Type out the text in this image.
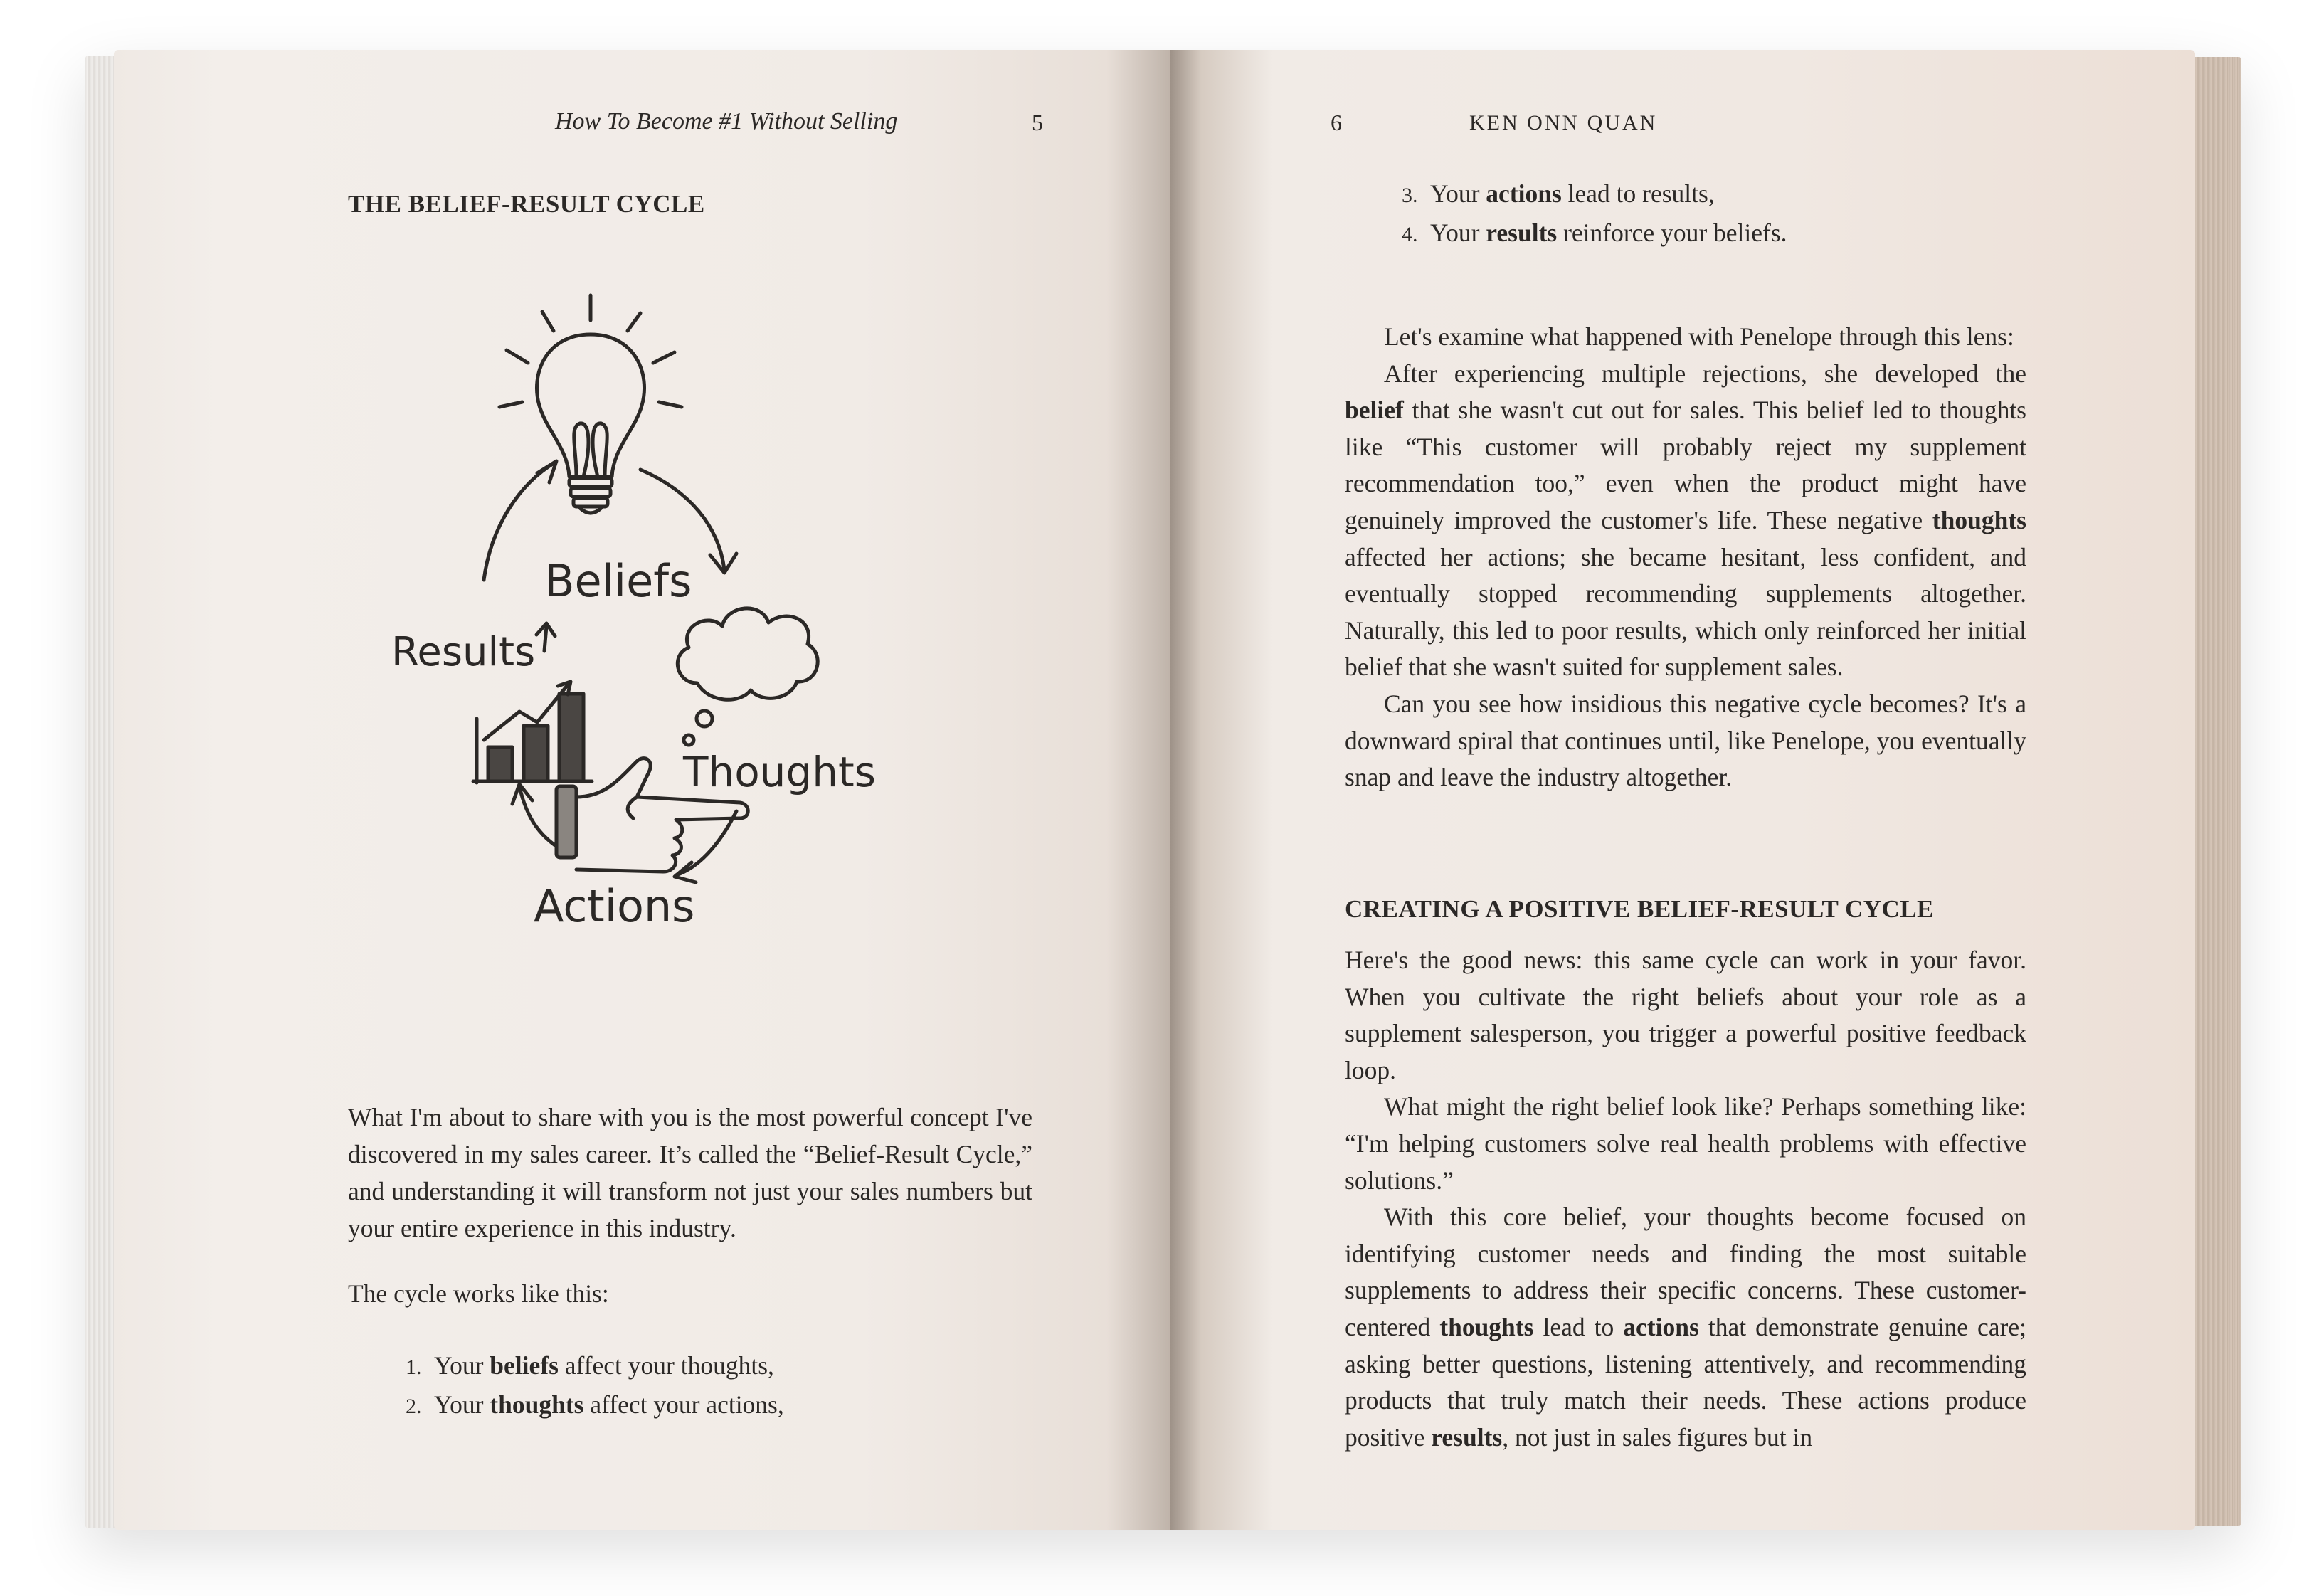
How To Become #1 Without Selling	5
THE BELIEF-RESULT CYCLE
Beliefs
Thoughts
Actions
Results
What I'm about to share with you is the most powerful concept I've discovered in my sales career. It’s called the “Belief-Result Cycle,” and understanding it will transform not just your sales numbers but your entire experience in this industry.
The cycle works like this:
1. Your beliefs affect your thoughts,
2. Your thoughts affect your actions,
6	KEN ONN QUAN
3. Your actions lead to results,
4. Your results reinforce your beliefs.

Let's examine what happened with Penelope through this lens:

After experiencing multiple rejections, she developed the belief that she wasn't cut out for sales. This belief led to thoughts like “This customer will probably reject my supplement recommendation too,” even when the product might have genuinely improved the customer's life. These negative thoughts affected her actions; she became hesitant, less confident, and eventually stopped recommending supplements altogether. Naturally, this led to poor results, which only reinforced her initial belief that she wasn't suited for supplement sales.

Can you see how insidious this negative cycle becomes? It's a downward spiral that continues until, like Penelope, you eventually snap and leave the industry altogether.

CREATING A POSITIVE BELIEF-RESULT CYCLE

Here's the good news: this same cycle can work in your favor. When you cultivate the right beliefs about your role as a supplement salesperson, you trigger a powerful positive feedback loop.

What might the right belief look like? Perhaps something like: “I'm helping customers solve real health problems with effective solutions.”

With this core belief, your thoughts become focused on identifying customer needs and finding the most suitable supplements to address their specific concerns. These customer-centered thoughts lead to actions that demonstrate genuine care; asking better questions, listening attentively, and recommending products that truly match their needs. These actions produce positive results, not just in sales figures but in
